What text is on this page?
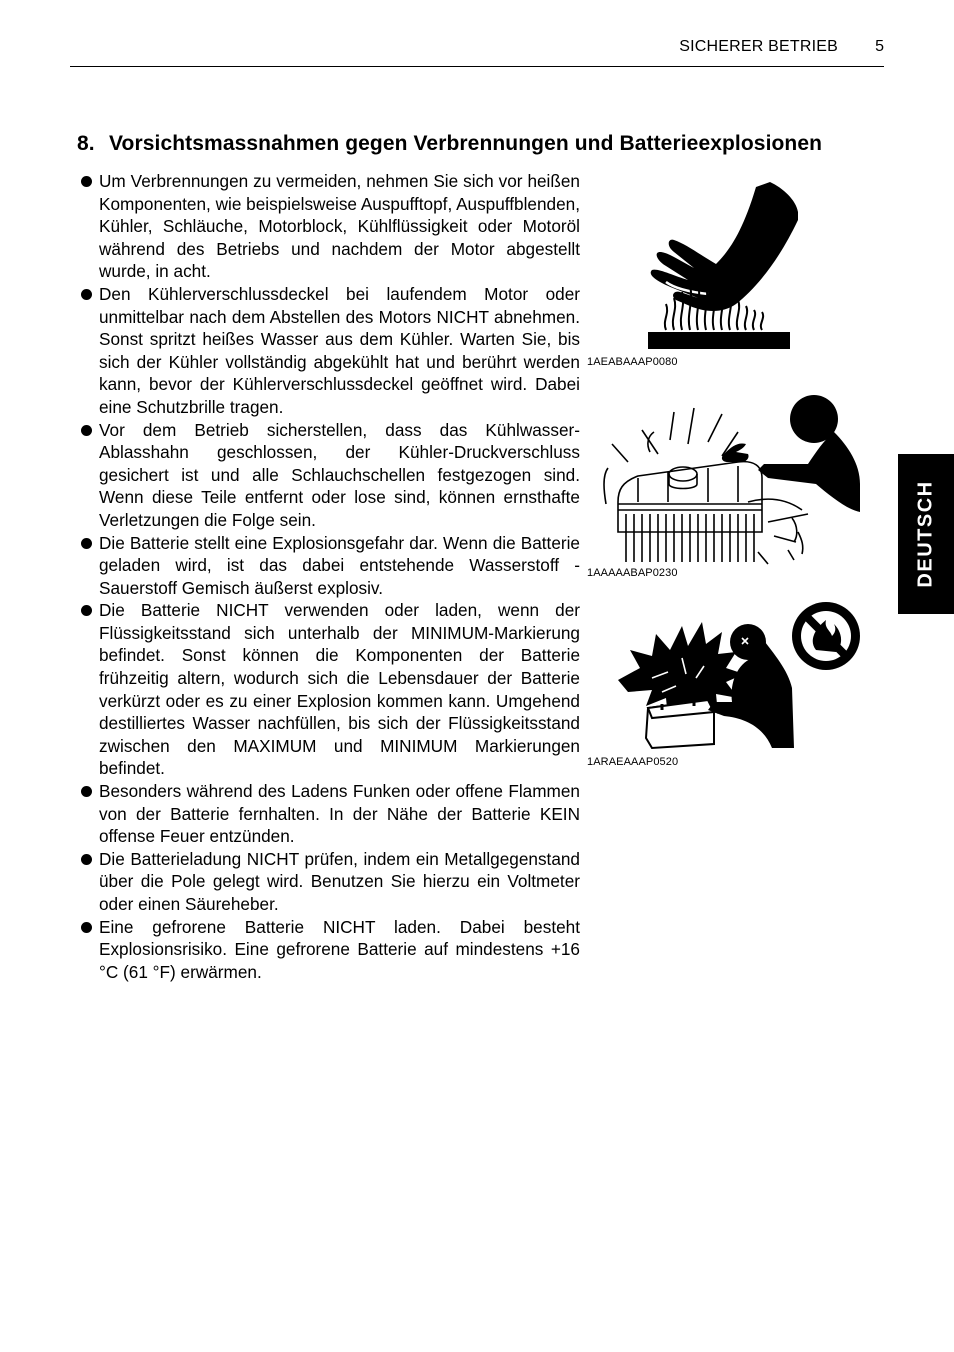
SICHERER BETRIEB 5
8. Vorsichtsmassnahmen gegen Verbrennungen und Batterieexplosionen
Um Verbrennungen zu vermeiden, nehmen Sie sich vor heißen Komponenten, wie beispielsweise Auspufftopf, Auspuffblenden, Kühler, Schläuche, Motorblock, Kühlflüssigkeit oder Motoröl während des Betriebs und nachdem der Motor abgestellt wurde, in acht.
Den Kühlerverschlussdeckel bei laufendem Motor oder unmittelbar nach dem Abstellen des Motors NICHT abnehmen. Sonst spritzt heißes Wasser aus dem Kühler. Warten Sie, bis sich der Kühler vollständig abgekühlt hat und berührt werden kann, bevor der Kühlerverschlussdeckel geöffnet wird. Dabei eine Schutzbrille tragen.
Vor dem Betrieb sicherstellen, dass das Kühlwasser-Ablasshahn geschlossen, der Kühler-Druckverschluss gesichert ist und alle Schlauchschellen festgezogen sind. Wenn diese Teile entfernt oder lose sind, können ernsthafte Verletzungen die Folge sein.
Die Batterie stellt eine Explosionsgefahr dar. Wenn die Batterie geladen wird, ist das dabei entstehende Wasserstoff - Sauerstoff Gemisch äußerst explosiv.
Die Batterie NICHT verwenden oder laden, wenn der Flüssigkeitsstand sich unterhalb der MINIMUM-Markierung befindet. Sonst können die Komponenten der Batterie frühzeitig altern, wodurch sich die Lebensdauer der Batterie verkürzt oder es zu einer Explosion kommen kann. Umgehend destilliertes Wasser nachfüllen, bis sich der Flüssigkeitsstand zwischen den MAXIMUM und MINIMUM Markierungen befindet.
Besonders während des Ladens Funken oder offene Flammen von der Batterie fernhalten. In der Nähe der Batterie KEIN offense Feuer entzünden.
Die Batterieladung NICHT prüfen, indem ein Metallgegenstand über die Pole gelegt wird. Benutzen Sie hierzu ein Voltmeter oder einen Säureheber.
Eine gefrorene Batterie NICHT laden. Dabei besteht Explosionsrisiko. Eine gefrorene Batterie auf mindestens +16 °C (61 °F) erwärmen.
1AEABAAAP0080
1AAAAABAP0230
1ARAEAAAP0520
DEUTSCH
